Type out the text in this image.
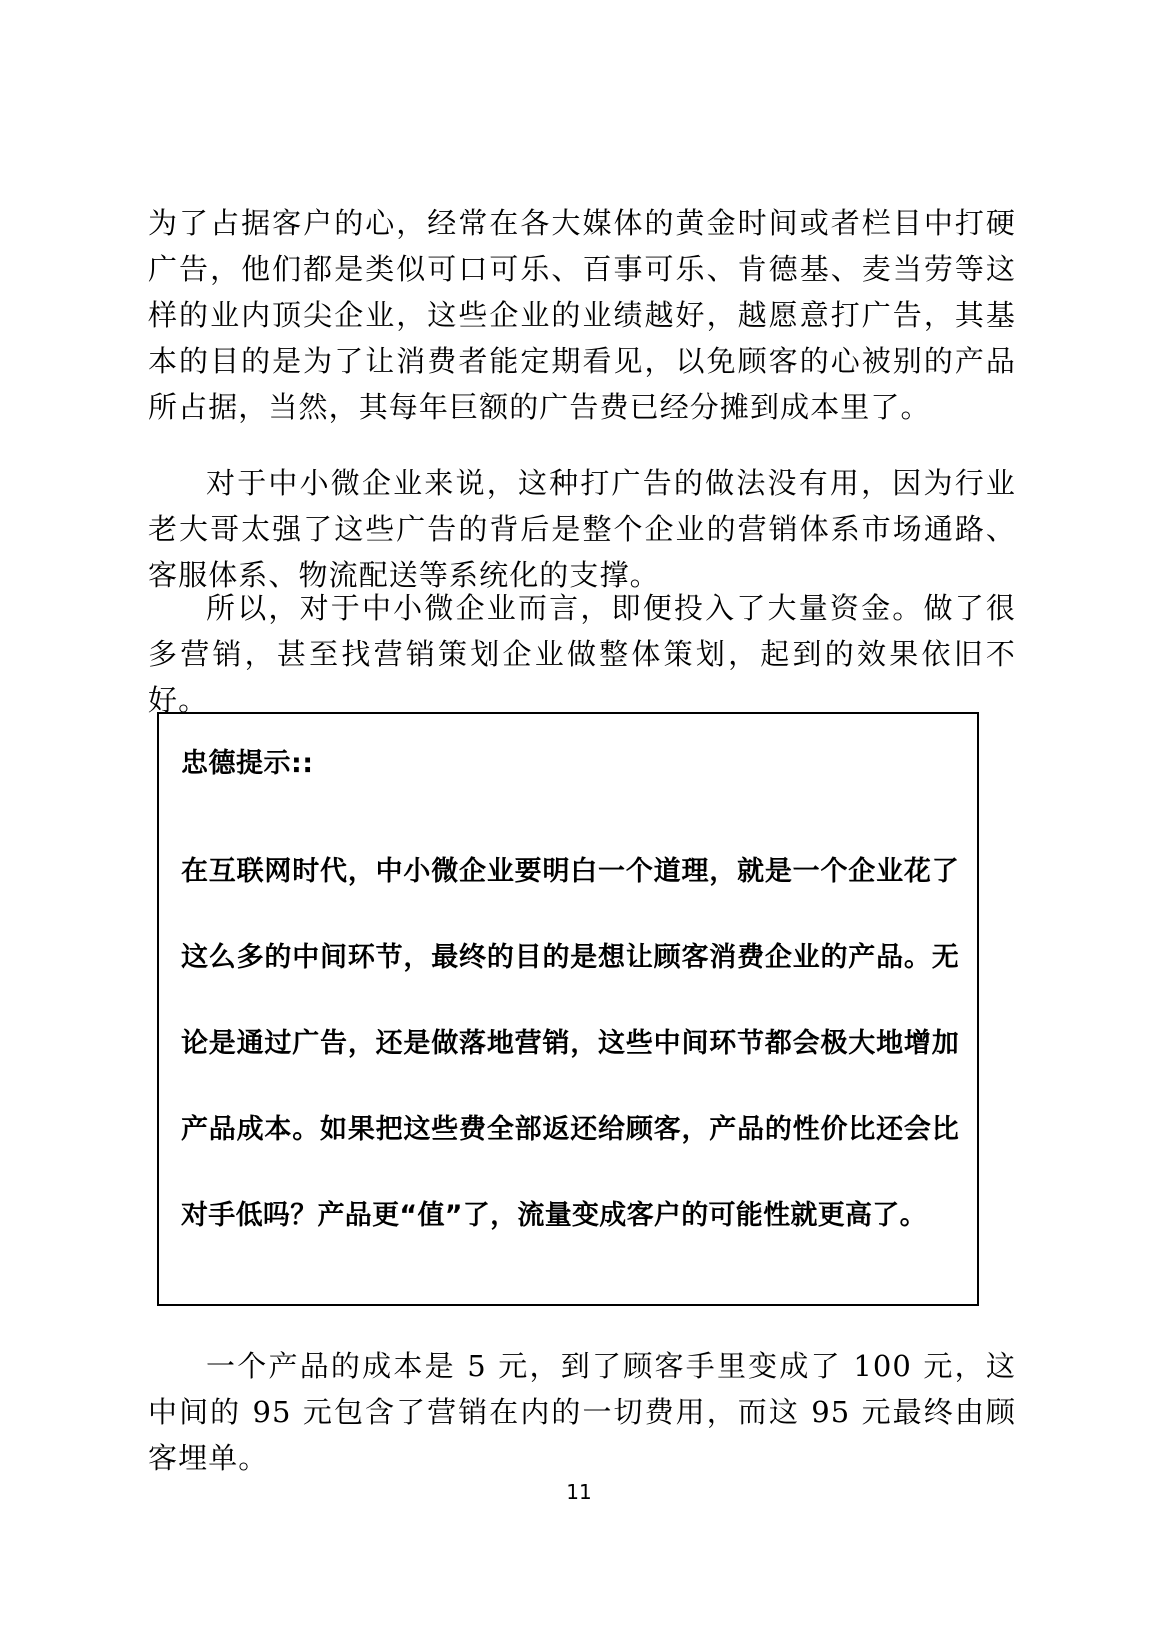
为了占据客户的心，经常在各大媒体的黄金时间或者栏目中打硬广告，他们都是类似可口可乐、百事可乐、肯德基、麦当劳等这样的业内顶尖企业，这些企业的业绩越好，越愿意打广告，其基本的目的是为了让消费者能定期看见，以免顾客的心被别的产品所占据，当然，其每年巨额的广告费已经分摊到成本里了。

对于中小微企业来说，这种打广告的做法没有用，因为行业老大哥太强了这些广告的背后是整个企业的营销体系市场通路、客服体系、物流配送等系统化的支撑。

所以，对于中小微企业而言，即便投入了大量资金。做了很多营销，甚至找营销策划企业做整体策划，起到的效果依旧不好。

忠德提示::

在互联网时代，中小微企业要明白一个道理，就是一个企业花了这么多的中间环节，最终的目的是想让顾客消费企业的产品。无论是通过广告，还是做落地营销，这些中间环节都会极大地增加产品成本。如果把这些费全部返还给顾客，产品的性价比还会比对手低吗？产品更“值”了，流量变成客户的可能性就更高了。

一个产品的成本是 5 元，到了顾客手里变成了 100 元，这中间的 95 元包含了营销在内的一切费用，而这 95 元最终由顾客埋单。

11
